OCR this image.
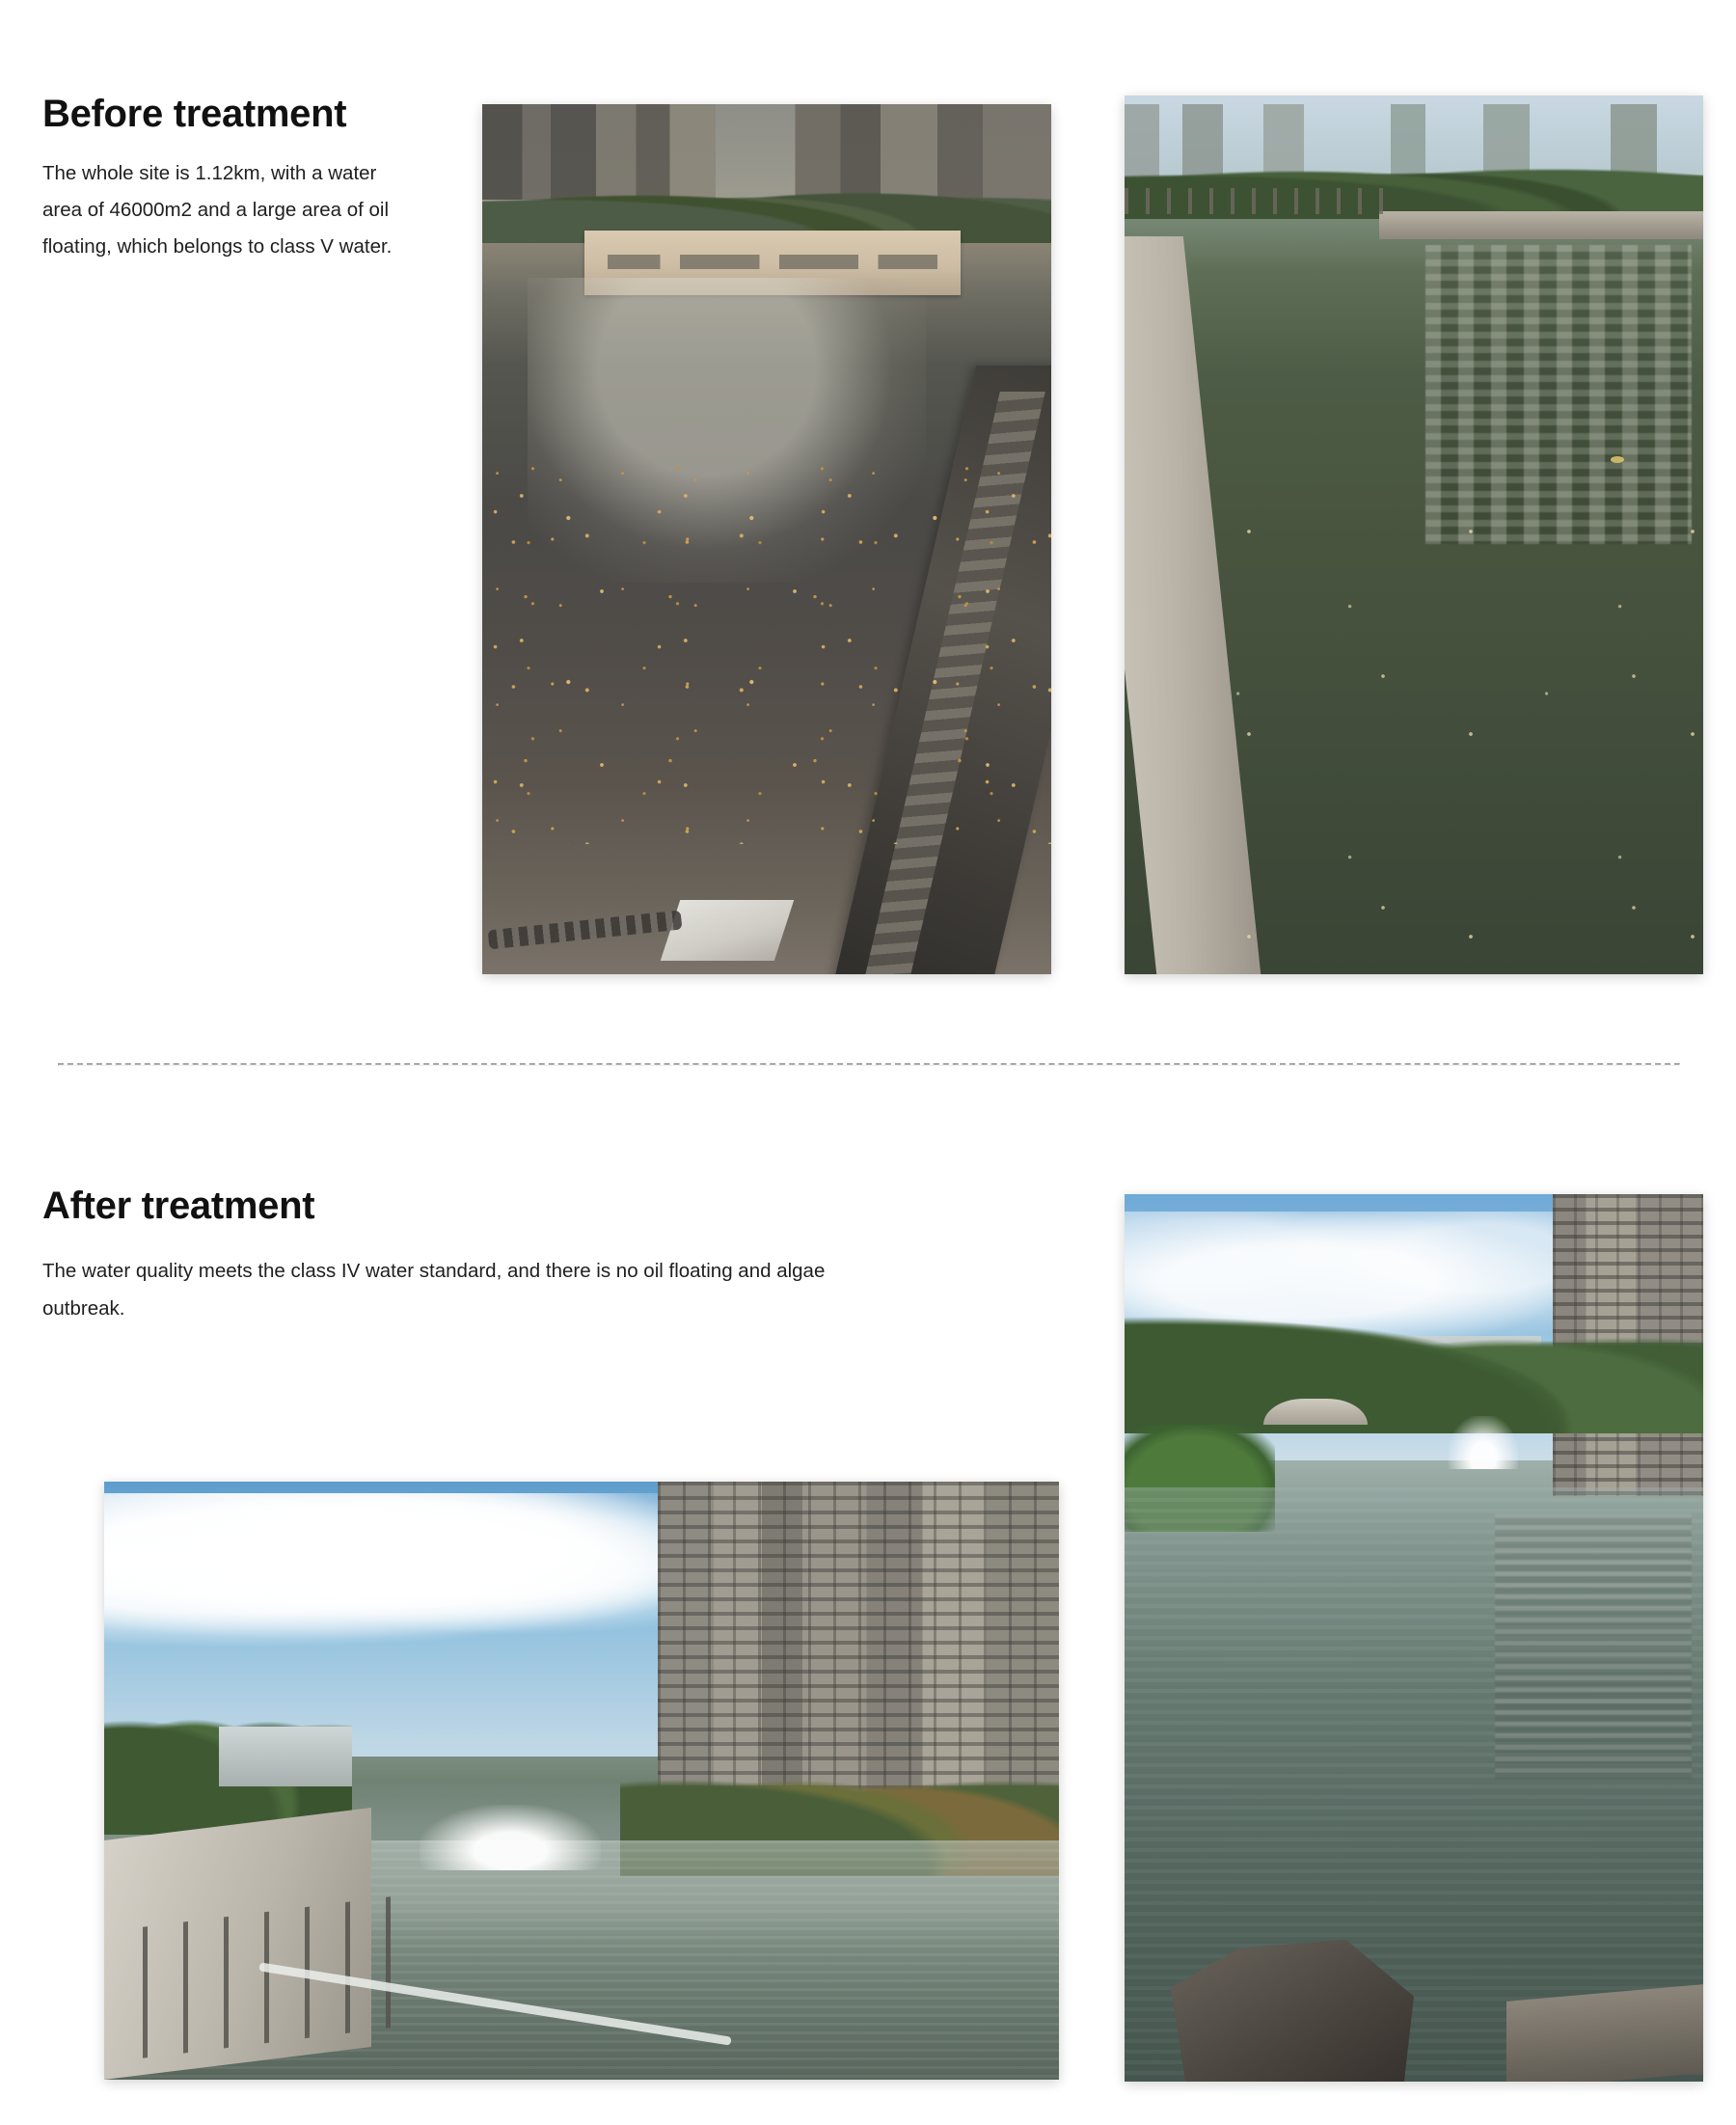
Before treatment

The whole site is 1.12km, with a water area of 46000m2 and a large area of oil floating, which belongs to class V water.

After treatment

The water quality meets the class IV water standard, and there is no oil floating and algae outbreak.
